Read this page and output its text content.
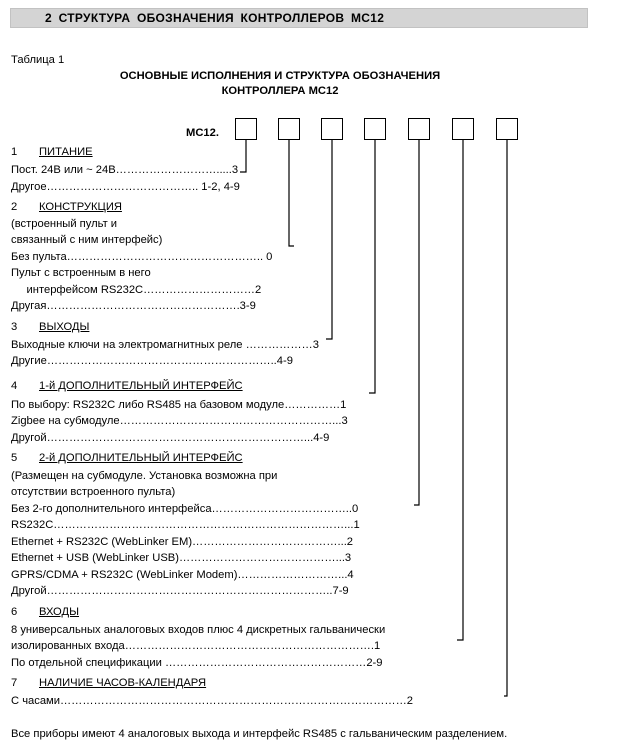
2 СТРУКТУРА ОБОЗНАЧЕНИЯ КОНТРОЛЛЕРОВ МС12
Таблица 1
ОСНОВНЫЕ ИСПОЛНЕНИЯ И СТРУКТУРА ОБОЗНАЧЕНИЯ
КОНТРОЛЛЕРА МС12
МС12.
1 ПИТАНИЕ
Пост. 24В или ~ 24В……………………….....3
Другое………………………………….. 1-2, 4-9
2 КОНСТРУКЦИЯ
(встроенный пульт и
связанный с ним интерфейс)
Без пульта…………………………………………….. 0
Пульт с встроенным в него
интерфейсом RS232C…………………………2
Другая…………………………………………….3-9
3 ВЫХОДЫ
Выходные ключи на электромагнитных реле ………………3
Другие……………………………………………………..4-9
4 1-й ДОПОЛНИТЕЛЬНЫЙ ИНТЕРФЕЙС
По выбору: RS232C либо RS485 на базовом модуле……………1
Zigbee на субмодуле…………………………………………………...3
Другой……………………………………………………………...4-9
5 2-й ДОПОЛНИТЕЛЬНЫЙ ИНТЕРФЕЙС
(Размещен на субмодуле. Установка возможна при
отсутствии встроенного пульта)
Без 2-го дополнительного интерфейса………………………………..0
RS232C……………………………………………………………………...1
Ethernet + RS232C (WebLinker EM)…………………………………...2
Ethernet + USB (WebLinker USB)……………………………………...3
GPRS/CDMA + RS232C (WebLinker Modem)………………………...4
Другой…………………………………………………………………..7-9
6 ВХОДЫ
8 универсальных аналоговых входов плюс 4 дискретных гальванически
изолированных входа………………………………………………………….1
По отдельной спецификации ………………………………………………2-9
7 НАЛИЧИЕ ЧАСОВ-КАЛЕНДАРЯ
С часами…………………………………………………………………………………2
Все приборы имеют 4 аналоговых выхода и интерфейс RS485 с гальваническим разделением.
